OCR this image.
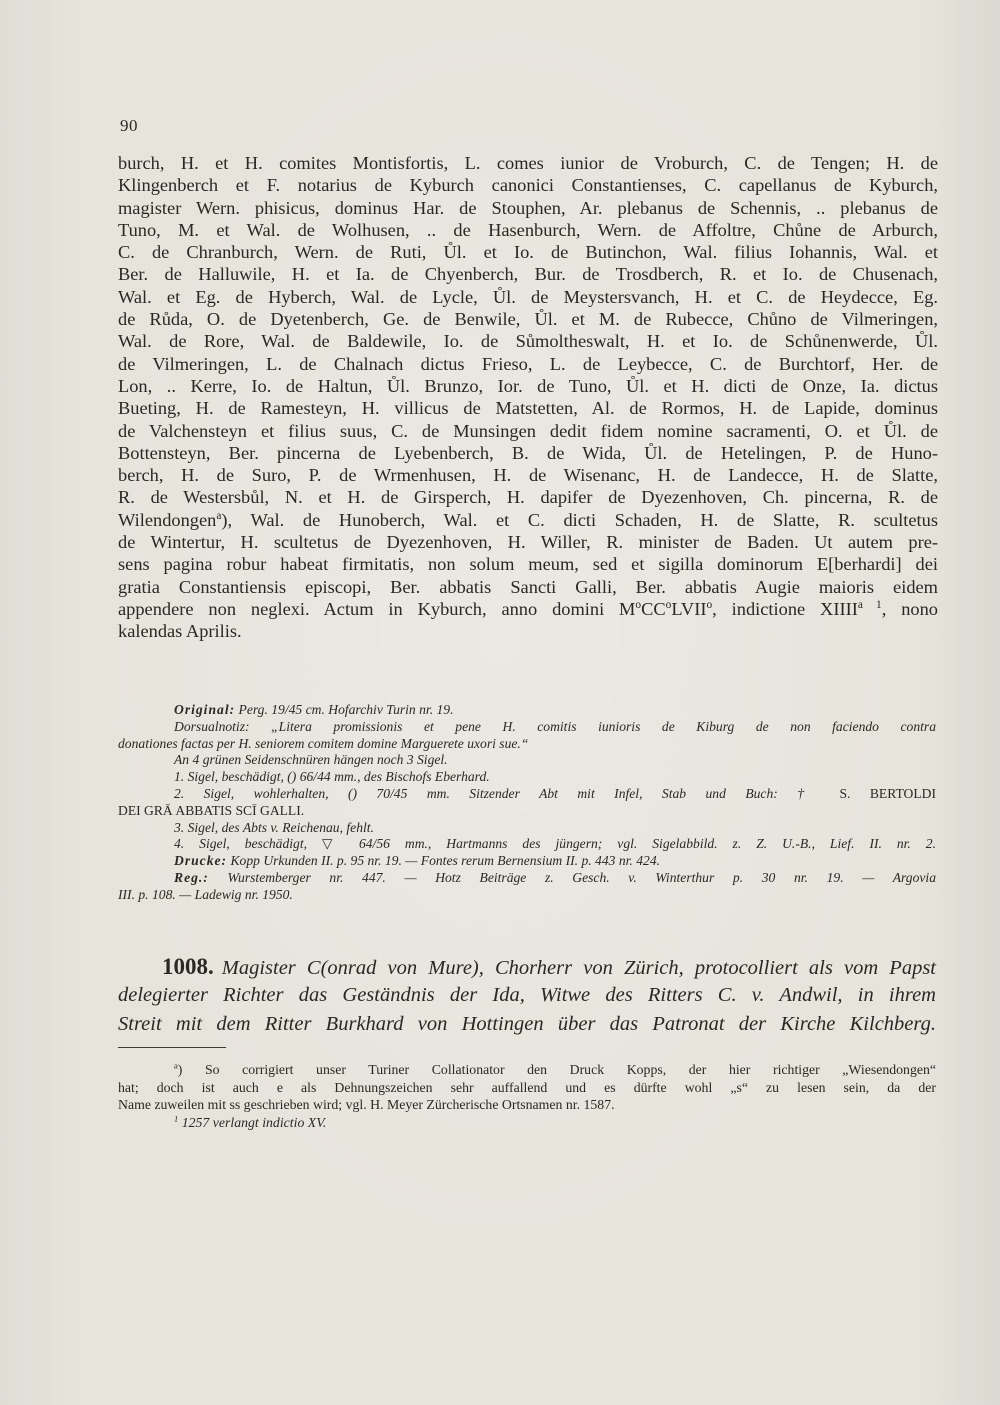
90
burch, H. et H. comites Montisfortis, L. comes iunior de Vroburch, C. de Tengen; H. de
Klingenberch et F. notarius de Kyburch canonici Constantienses, C. capellanus de Kyburch,
magister Wern. phisicus, dominus Har. de Stouphen, Ar. plebanus de Schennis, .. plebanus de
Tuno, M. et Wal. de Wolhusen, .. de Hasenburch, Wern. de Affoltre, Chůne de Arburch,
C. de Chranburch, Wern. de Ruti, Ůl. et Io. de Butinchon, Wal. filius Iohannis, Wal. et
Ber. de Halluwile, H. et Ia. de Chyenberch, Bur. de Trosdberch, R. et Io. de Chusenach,
Wal. et Eg. de Hyberch, Wal. de Lycle, Ůl. de Meystersvanch, H. et C. de Heydecce, Eg.
de Růda, O. de Dyetenberch, Ge. de Benwile, Ůl. et M. de Rubecce, Chůno de Vilmeringen,
Wal. de Rore, Wal. de Baldewile, Io. de Sůmoltheswalt, H. et Io. de Schůnenwerde, Ůl.
de Vilmeringen, L. de Chalnach dictus Frieso, L. de Leybecce, C. de Burchtorf, Her. de
Lon, .. Kerre, Io. de Haltun, Ůl. Brunzo, Ior. de Tuno, Ůl. et H. dicti de Onze, Ia. dictus
Bueting, H. de Ramesteyn, H. villicus de Matstetten, Al. de Rormos, H. de Lapide, dominus
de Valchensteyn et filius suus, C. de Munsingen dedit fidem nomine sacramenti, O. et Ůl. de
Bottensteyn, Ber. pincerna de Lyebenberch, B. de Wida, Ůl. de Hetelingen, P. de Huno-
berch, H. de Suro, P. de Wrmenhusen, H. de Wisenanc, H. de Landecce, H. de Slatte,
R. de Westersbůl, N. et H. de Girsperch, H. dapifer de Dyezenhoven, Ch. pincerna, R. de
Wilendongen$^a$), Wal. de Hunoberch, Wal. et C. dicti Schaden, H. de Slatte, R. scultetus
de Wintertur, H. scultetus de Dyezenhoven, H. Willer, R. minister de Baden. Ut autem pre-
sens pagina robur habeat firmitatis, non solum meum, sed et sigilla dominorum E[berhardi] dei
gratia Constantiensis episcopi, Ber. abbatis Sancti Galli, Ber. abbatis Augie maioris eidem
appendere non neglexi. Actum in Kyburch, anno domini $M^oCC^oLVII^o$, indictione $XIIII^{a 1}$, nono
kalendas Aprilis.
Original: Perg. 19/45 cm. Hofarchiv Turin nr. 19.
Dorsualnotiz: „Litera promissionis et pene H. comitis iunioris de Kiburg de non faciendo contra
donationes factas per H. seniorem comitem domine Marguerete uxori sue.“
An 4 grünen Seidenschnüren hängen noch 3 Sigel.
1. Sigel, beschädigt, () 66/44 mm., des Bischofs Eberhard.
2. Sigel, wohlerhalten, () 70/45 mm. Sitzender Abt mit Infel, Stab und Buch: † S. BERTOLDI
DEI GRĀ ABBATIS SCĪ GALLI.
3. Sigel, des Abts v. Reichenau, fehlt.
4. Sigel, beschädigt, ▽ 64/56 mm., Hartmanns des jüngern; vgl. Sigelabbild. z. Z. U.-B., Lief. II. nr. 2.
Drucke: Kopp Urkunden II. p. 95 nr. 19. — Fontes rerum Bernensium II. p. 443 nr. 424.
Reg.: Wurstemberger nr. 447. — Hotz Beiträge z. Gesch. v. Winterthur p. 30 nr. 19. — Argovia
III. p. 108. — Ladewig nr. 1950.
1008. Magister C(onrad von Mure), Chorherr von Zürich, protocolliert als vom Papst
delegierter Richter das Geständnis der Ida, Witwe des Ritters C. v. Andwil, in ihrem
Streit mit dem Ritter Burkhard von Hottingen über das Patronat der Kirche Kilchberg.
$^a$) So corrigiert unser Turiner Collationator den Druck Kopps, der hier richtiger „Wiesendongen“
hat; doch ist auch e als Dehnungszeichen sehr auffallend und es dürfte wohl „s“ zu lesen sein, da der
Name zuweilen mit ss geschrieben wird; vgl. H. Meyer Zürcherische Ortsnamen nr. 1587.
$^1$ 1257 verlangt indictio XV.
